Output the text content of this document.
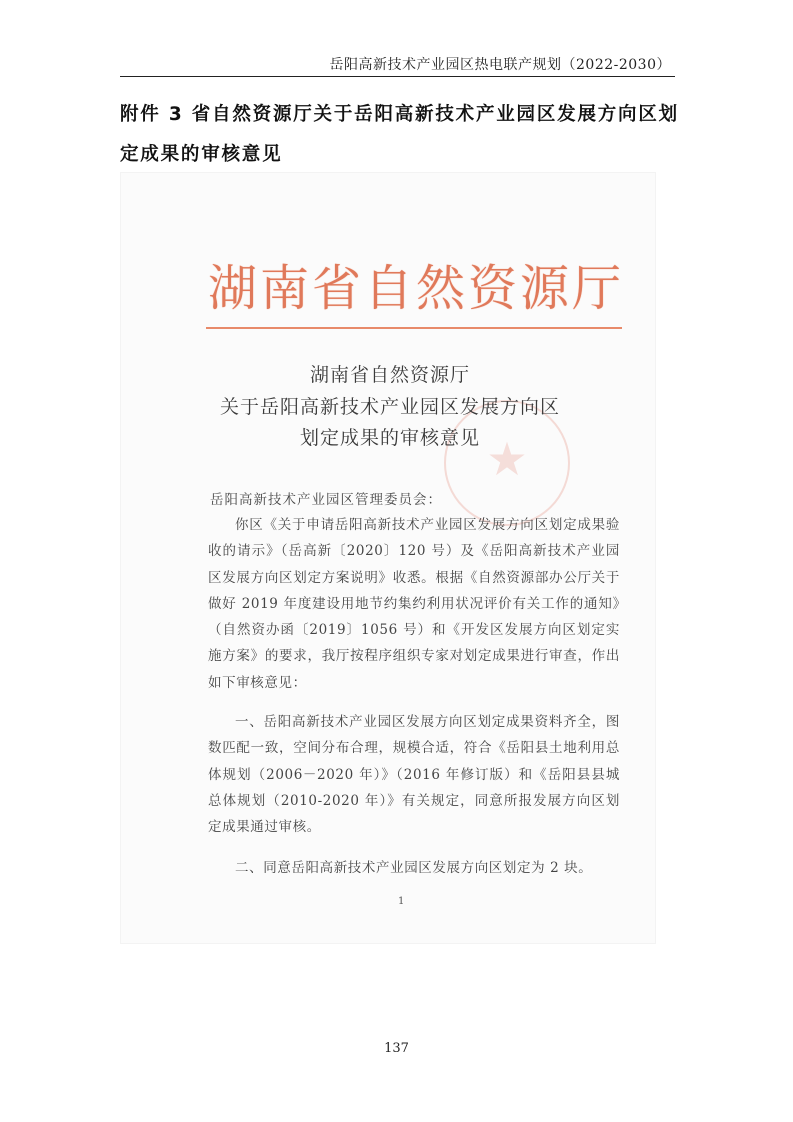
岳阳高新技术产业园区热电联产规划（2022-2030）
附件 3 省自然资源厅关于岳阳高新技术产业园区发展方向区划定成果的审核意见
湖南省自然资源厅
★
湖南省自然资源厅
关于岳阳高新技术产业园区发展方向区
划定成果的审核意见
岳阳高新技术产业园区管理委员会：
你区《关于申请岳阳高新技术产业园区发展方向区划定成果验收的请示》（岳高新〔2020〕120 号）及《岳阳高新技术产业园区发展方向区划定方案说明》收悉。根据《自然资源部办公厅关于做好 2019 年度建设用地节约集约利用状况评价有关工作的通知》（自然资办函〔2019〕1056 号）和《开发区发展方向区划定实施方案》的要求，我厅按程序组织专家对划定成果进行审查，作出如下审核意见：
一、岳阳高新技术产业园区发展方向区划定成果资料齐全，图数匹配一致，空间分布合理，规模合适，符合《岳阳县土地利用总体规划（2006－2020 年）》（2016 年修订版）和《岳阳县县城总体规划（2010-2020 年）》有关规定，同意所报发展方向区划定成果通过审核。
二、同意岳阳高新技术产业园区发展方向区划定为 2 块。
1
137
